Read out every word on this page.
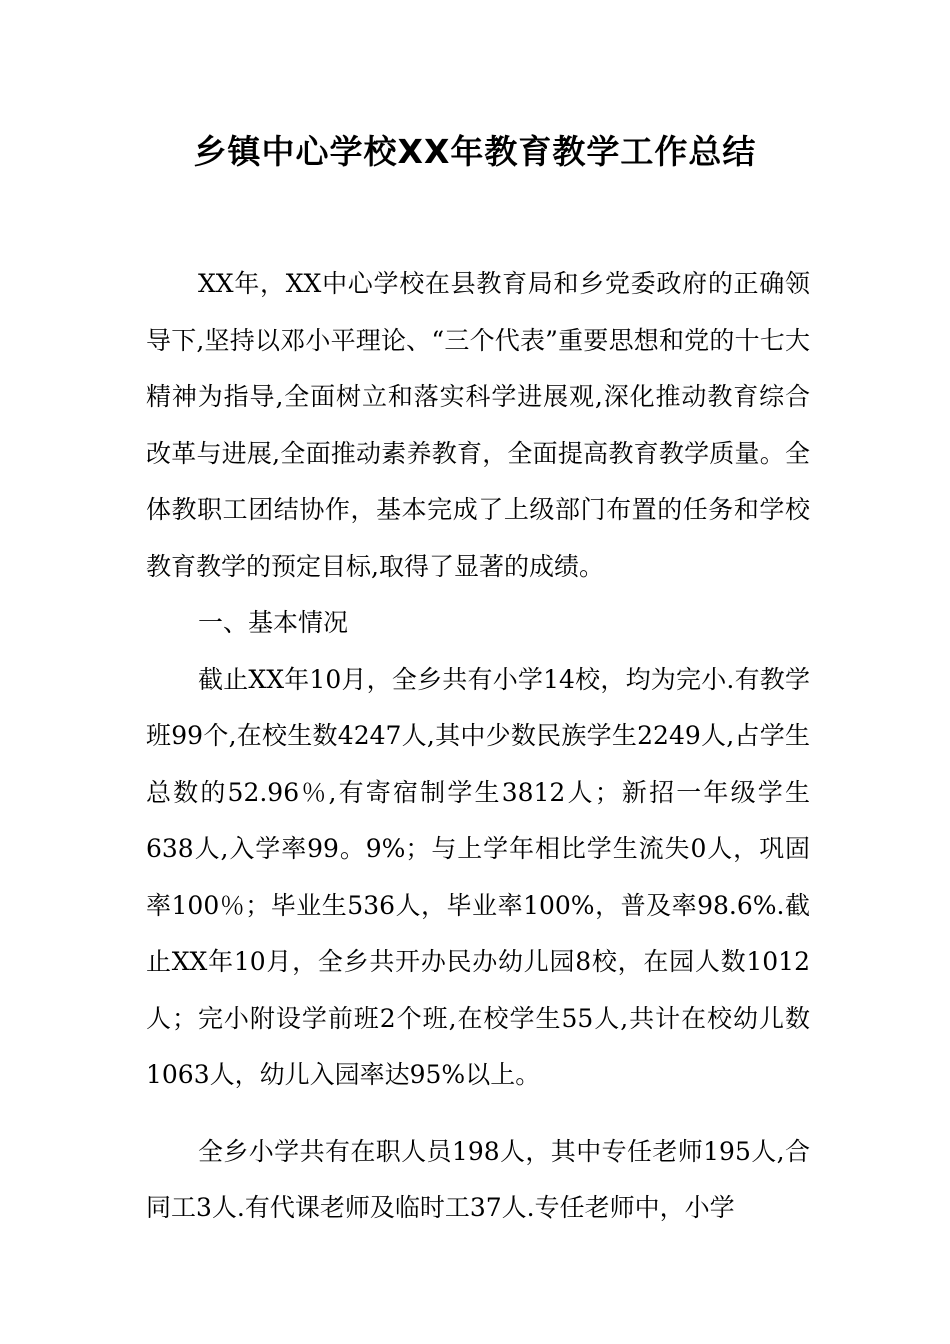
乡镇中心学校XX年教育教学工作总结

XX年，XX中心学校在县教育局和乡党委政府的正确领导下,坚持以邓小平理论、“三个代表”重要思想和党的十七大精神为指导,全面树立和落实科学进展观,深化推动教育综合改革与进展,全面推动素养教育，全面提高教育教学质量。全体教职工团结协作，基本完成了上级部门布置的任务和学校教育教学的预定目标,取得了显著的成绩。

一、基本情况

截止XX年10月，全乡共有小学14校，均为完小.有教学班99个,在校生数4247人,其中少数民族学生2249人,占学生总数的52.96％,有寄宿制学生3812人；新招一年级学生638人,入学率99。9%；与上学年相比学生流失0人，巩固率100％；毕业生536人，毕业率100%，普及率98.6%.截止XX年10月，全乡共开办民办幼儿园8校，在园人数1012人；完小附设学前班2个班,在校学生55人,共计在校幼儿数1063人，幼儿入园率达95%以上。

全乡小学共有在职人员198人，其中专任老师195人,合同工3人.有代课老师及临时工37人.专任老师中，小学
